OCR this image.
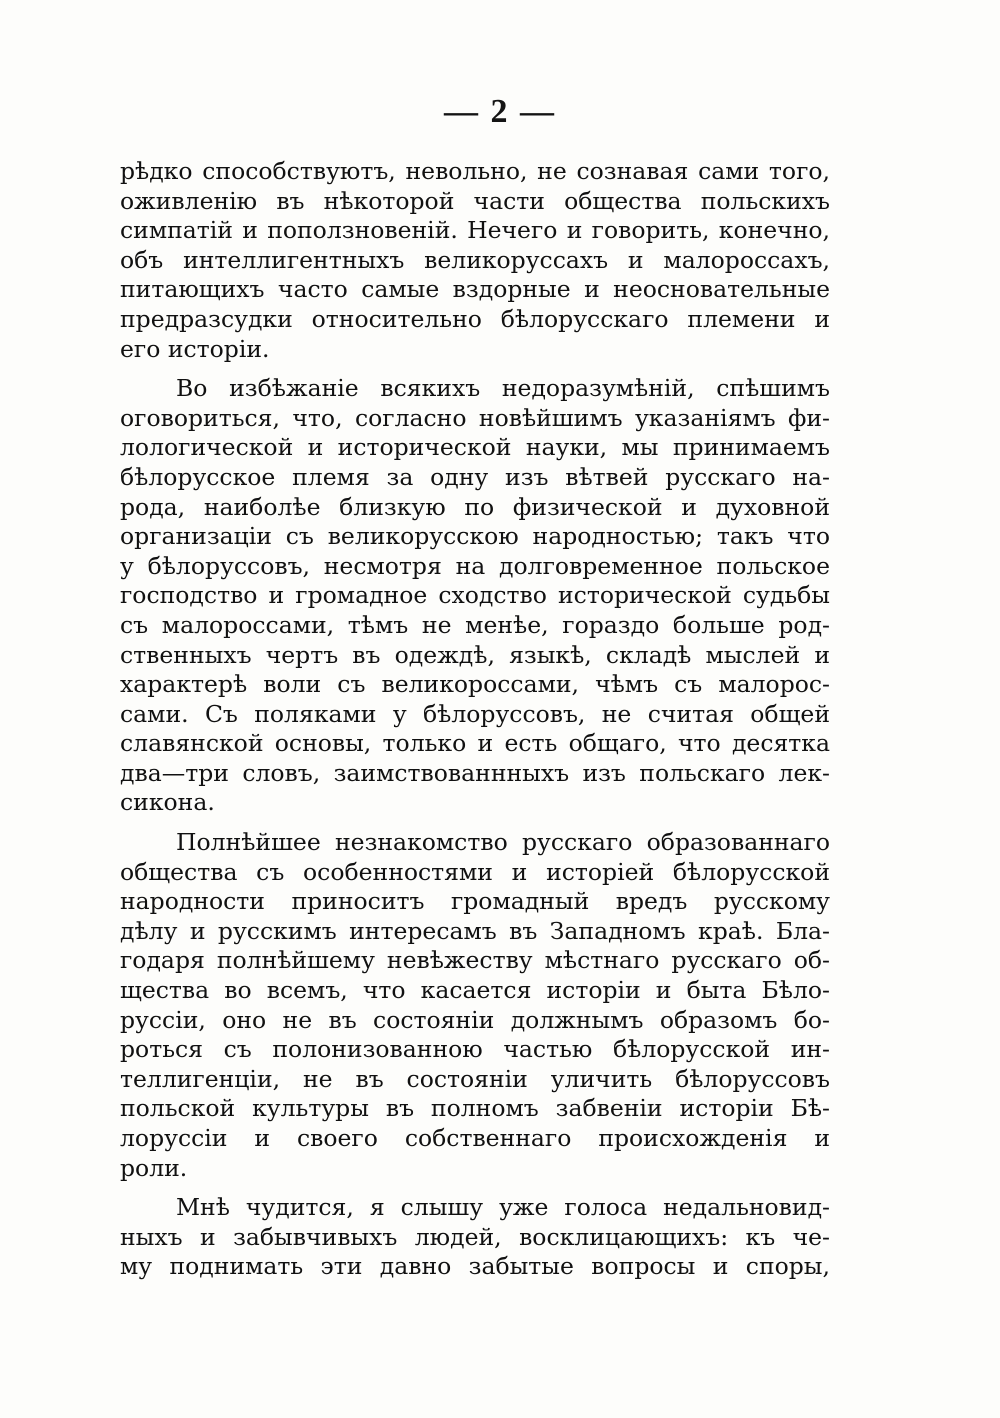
— 2 —
рѣдко способствуютъ, невольно, не сознавая сами того,
оживленію въ нѣкоторой части общества польскихъ
симпатій и поползновеній. Нечего и говорить, конечно,
объ интеллигентныхъ великоруссахъ и малороссахъ,
питающихъ часто самые вздорные и неосновательные
предразсудки относительно бѣлорусскаго племени и
его исторіи.
Во избѣжаніе всякихъ недоразумѣній, спѣшимъ
оговориться, что, согласно новѣйшимъ указаніямъ фи-
лологической и исторической науки, мы принимаемъ
бѣлорусское племя за одну изъ вѣтвей русскаго на-
рода, наиболѣе близкую по физической и духовной
организаціи съ великорусскою народностью; такъ что
у бѣлоруссовъ, несмотря на долговременное польское
господство и громадное сходство исторической судьбы
съ малороссами, тѣмъ не менѣе, гораздо больше род-
ственныхъ чертъ въ одеждѣ, языкѣ, складѣ мыслей и
характерѣ воли съ великороссами, чѣмъ съ малорос-
сами. Съ поляками у бѣлоруссовъ, не считая общей
славянской основы, только и есть общаго, что десятка
два—три словъ, заимствованнныхъ изъ польскаго лек-
сикона.
Полнѣйшее незнакомство русскаго образованнаго
общества съ особенностями и исторіей бѣлорусской
народности приноситъ громадный вредъ русскому
дѣлу и русскимъ интересамъ въ Западномъ краѣ. Бла-
годаря полнѣйшему невѣжеству мѣстнаго русскаго об-
щества во всемъ, что касается исторіи и быта Бѣло-
руссіи, оно не въ состояніи должнымъ образомъ бо-
роться съ полонизованною частью бѣлорусской ин-
теллигенціи, не въ состояніи уличить бѣлоруссовъ
польской культуры въ полномъ забвеніи исторіи Бѣ-
лоруссіи и своего собственнаго происхожденія и
роли.
Мнѣ чудится, я слышу уже голоса недальновид-
ныхъ и забывчивыхъ людей, восклицающихъ: къ че-
му поднимать эти давно забытые вопросы и споры,
